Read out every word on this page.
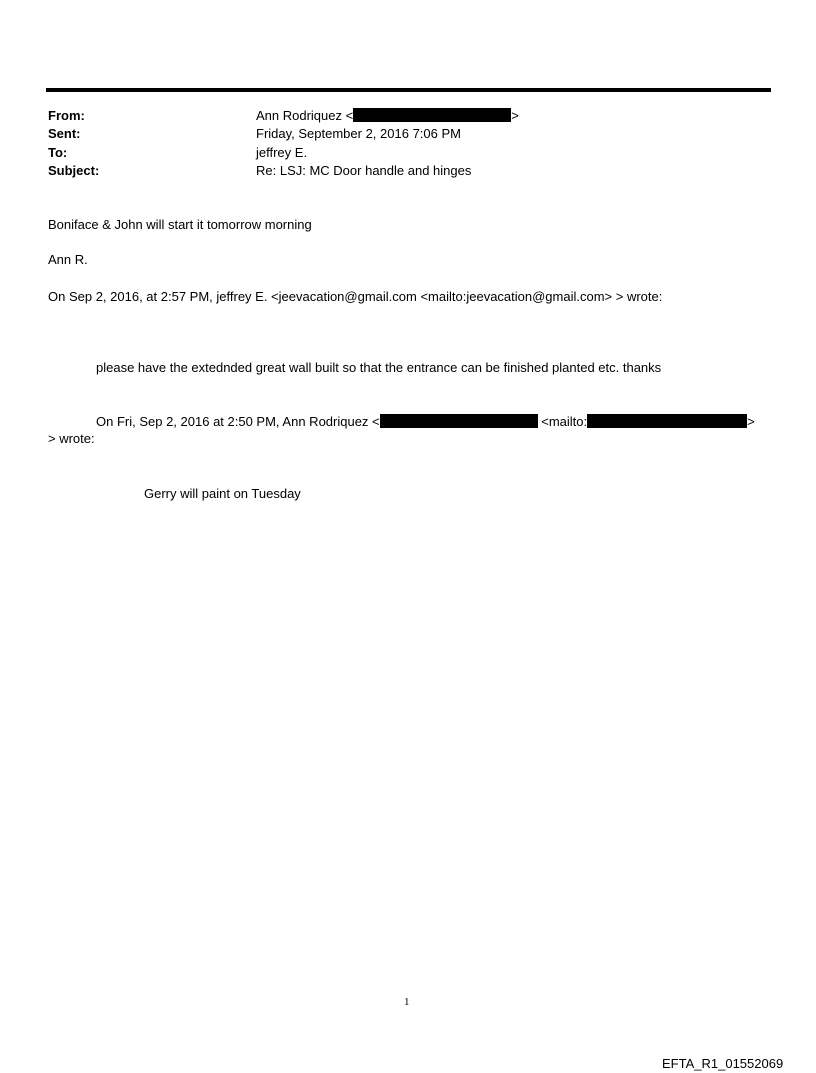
From:	Ann Rodriquez <	>
Sent:	Friday, September 2, 2016 7:06 PM
To:	jeffrey E.
Subject:	Re: LSJ: MC Door handle and hinges
Boniface & John will start it tomorrow morning
Ann R.
On Sep 2, 2016, at 2:57 PM, jeffrey E. <jeevacation@gmail.com <mailto:jeevacation@gmail.com> > wrote:
please have the extednded great wall built so that the entrance can be finished planted etc. thanks
On Fri, Sep 2, 2016 at 2:50 PM, Ann Rodriquez <	<mailto:	>
> wrote:
Gerry will paint on Tuesday
1
EFTA_R1_01552069
